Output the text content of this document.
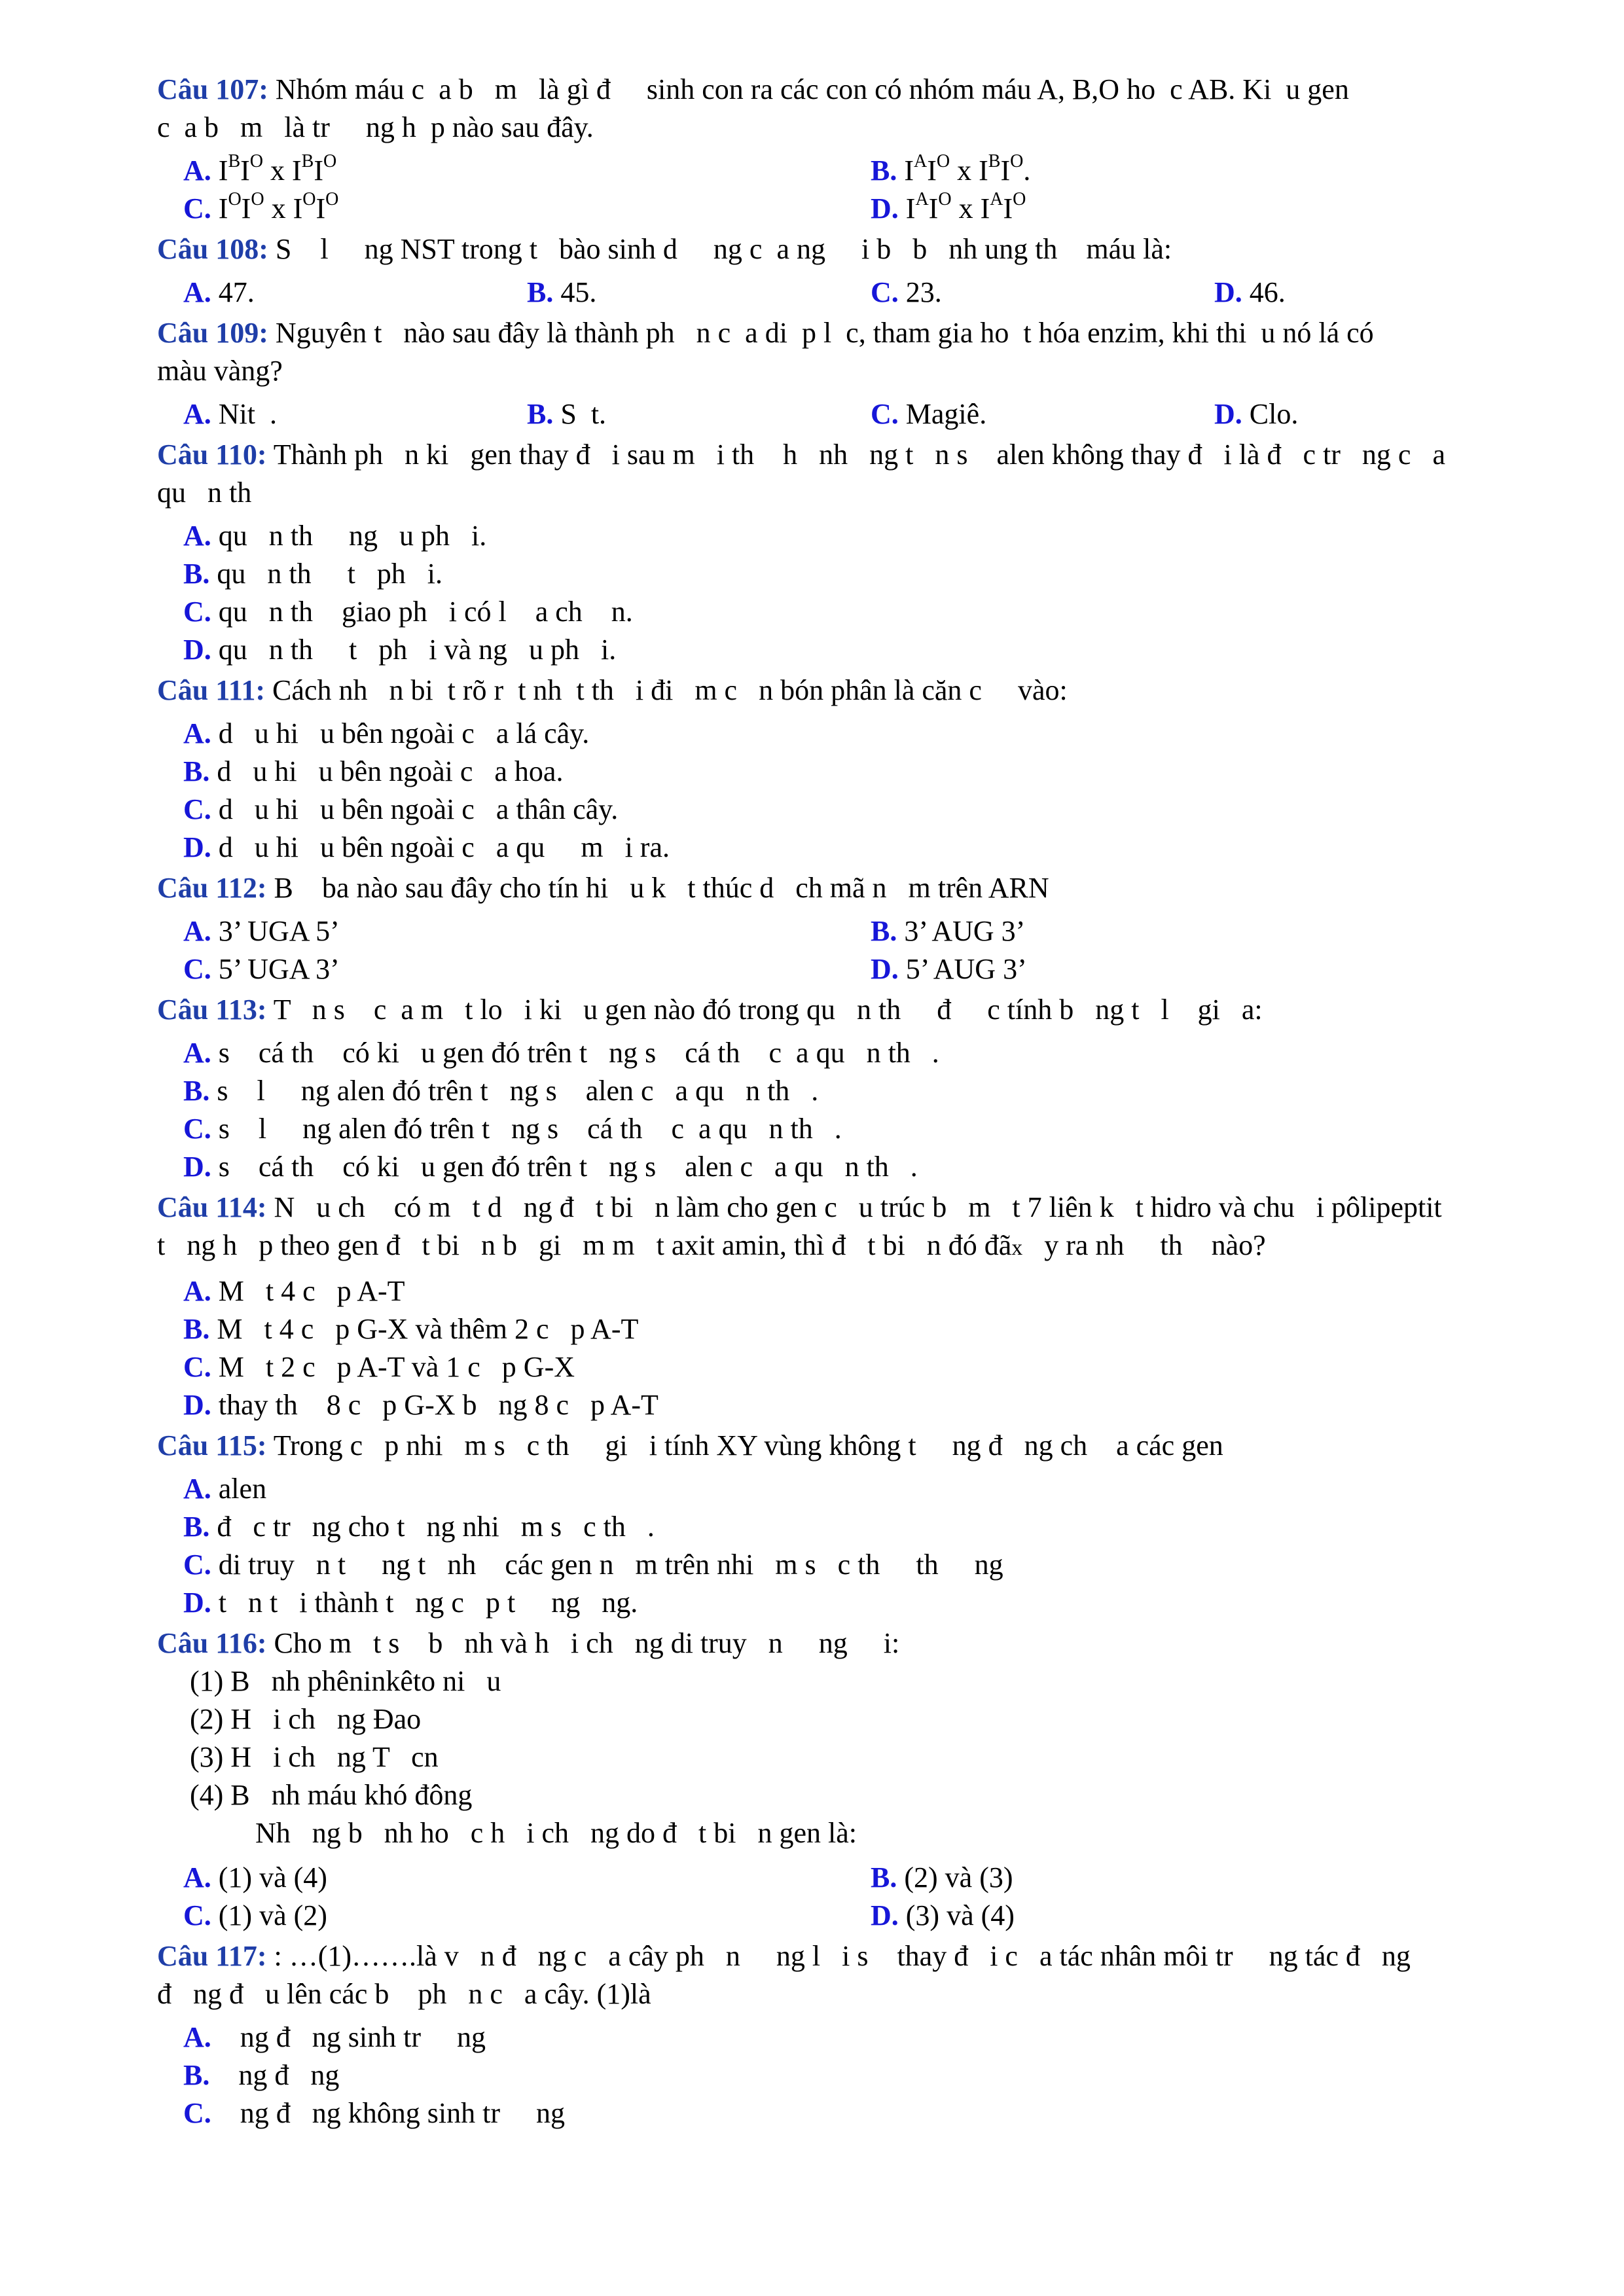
Câu 107: Nhóm máu c  a b   m   là gì đ     sinh con ra các con có nhóm máu A, B,O ho  c AB. Ki  u gen
c  a b   m   là tr     ng h  p nào sau đây.
A. $I^BI^O$ x $I^BI^O$	B. $I^AI^O$ x $I^BI^O$.
C. $I^OI^O$ x $I^OI^O$	D. $I^AI^O$ x $I^AI^O$
Câu 108: S    l     ng NST trong t   bào sinh d     ng c  a ng     i b   b   nh ung th    máu là:
A. 47.	B. 45.	C. 23.	D. 46.
Câu 109: Nguyên t   nào sau đây là thành ph   n c  a di  p l  c, tham gia ho  t hóa enzim, khi thi  u nó lá có
màu vàng?
A. Nit  .	B. S  t.	C. Magiê.	D. Clo.
Câu 110: Thành ph   n ki   gen thay đ   i sau m   i th    h   nh   ng t   n s    alen không thay đ   i là đ   c tr   ng c   a
qu   n th
A. qu   n th     ng   u ph   i.
B. qu   n th     t   ph   i.
C. qu   n th    giao ph   i có l    a ch    n.
D. qu   n th     t   ph   i và ng   u ph   i.
Câu 111: Cách nh   n bi  t rõ r  t nh  t th   i đi   m c   n bón phân là căn c     vào:
A. d   u hi   u bên ngoài c   a lá cây.
B. d   u hi   u bên ngoài c   a hoa.
C. d   u hi   u bên ngoài c   a thân cây.
D. d   u hi   u bên ngoài c   a qu     m   i ra.
Câu 112: B    ba nào sau đây cho tín hi   u k   t thúc d   ch mã n   m trên ARN
A. 3’ UGA 5’	B. 3’ AUG 3’
C. 5’ UGA 3’	D. 5’ AUG 3’
Câu 113: T   n s    c  a m   t lo   i ki   u gen nào đó trong qu   n th     đ     c tính b   ng t   l    gi   a:
A. s    cá th    có ki   u gen đó trên t   ng s    cá th    c  a qu   n th   .
B. s    l     ng alen đó trên t   ng s    alen c   a qu   n th   .
C. s    l     ng alen đó trên t   ng s    cá th    c  a qu   n th   .
D. s    cá th    có ki   u gen đó trên t   ng s    alen c   a qu   n th   .
Câu 114: N   u ch    có m   t d   ng đ   t bi   n làm cho gen c   u trúc b   m   t 7 liên k   t hidro và chu   i pôlipeptit
t   ng h   p theo gen đ   t bi   n b   gi   m m   t axit amin, thì đ   t bi   n đó đãx   y ra nh     th    nào?
A. M   t 4 c   p A-T
B. M   t 4 c   p G-X và thêm 2 c   p A-T
C. M   t 2 c   p A-T và 1 c   p G-X
D. thay th    8 c   p G-X b   ng 8 c   p A-T
Câu 115: Trong c   p nhi   m s   c th     gi   i tính XY vùng không t     ng đ   ng ch    a các gen
A. alen
B. đ   c tr   ng cho t   ng nhi   m s   c th   .
C. di truy   n t     ng t   nh    các gen n   m trên nhi   m s   c th     th     ng
D. t   n t   i thành t   ng c   p t     ng   ng.
Câu 116: Cho m   t s    b   nh và h   i ch   ng di truy   n     ng     i:
(1) B   nh phêninkêto ni   u
(2) H   i ch   ng Đao
(3) H   i ch   ng T   cn
(4) B   nh máu khó đông
Nh   ng b   nh ho   c h   i ch   ng do đ   t bi   n gen là:
A. (1) và (4)	B. (2) và (3)
C. (1) và (2)	D. (3) và (4)
Câu 117: : …(1)…….là v   n đ   ng c   a cây ph   n     ng l   i s    thay đ   i c   a tác nhân môi tr     ng tác đ   ng
đ   ng đ   u lên các b    ph   n c   a cây. (1)là
A.    ng đ   ng sinh tr     ng
B.    ng đ   ng
C.    ng đ   ng không sinh tr     ng
